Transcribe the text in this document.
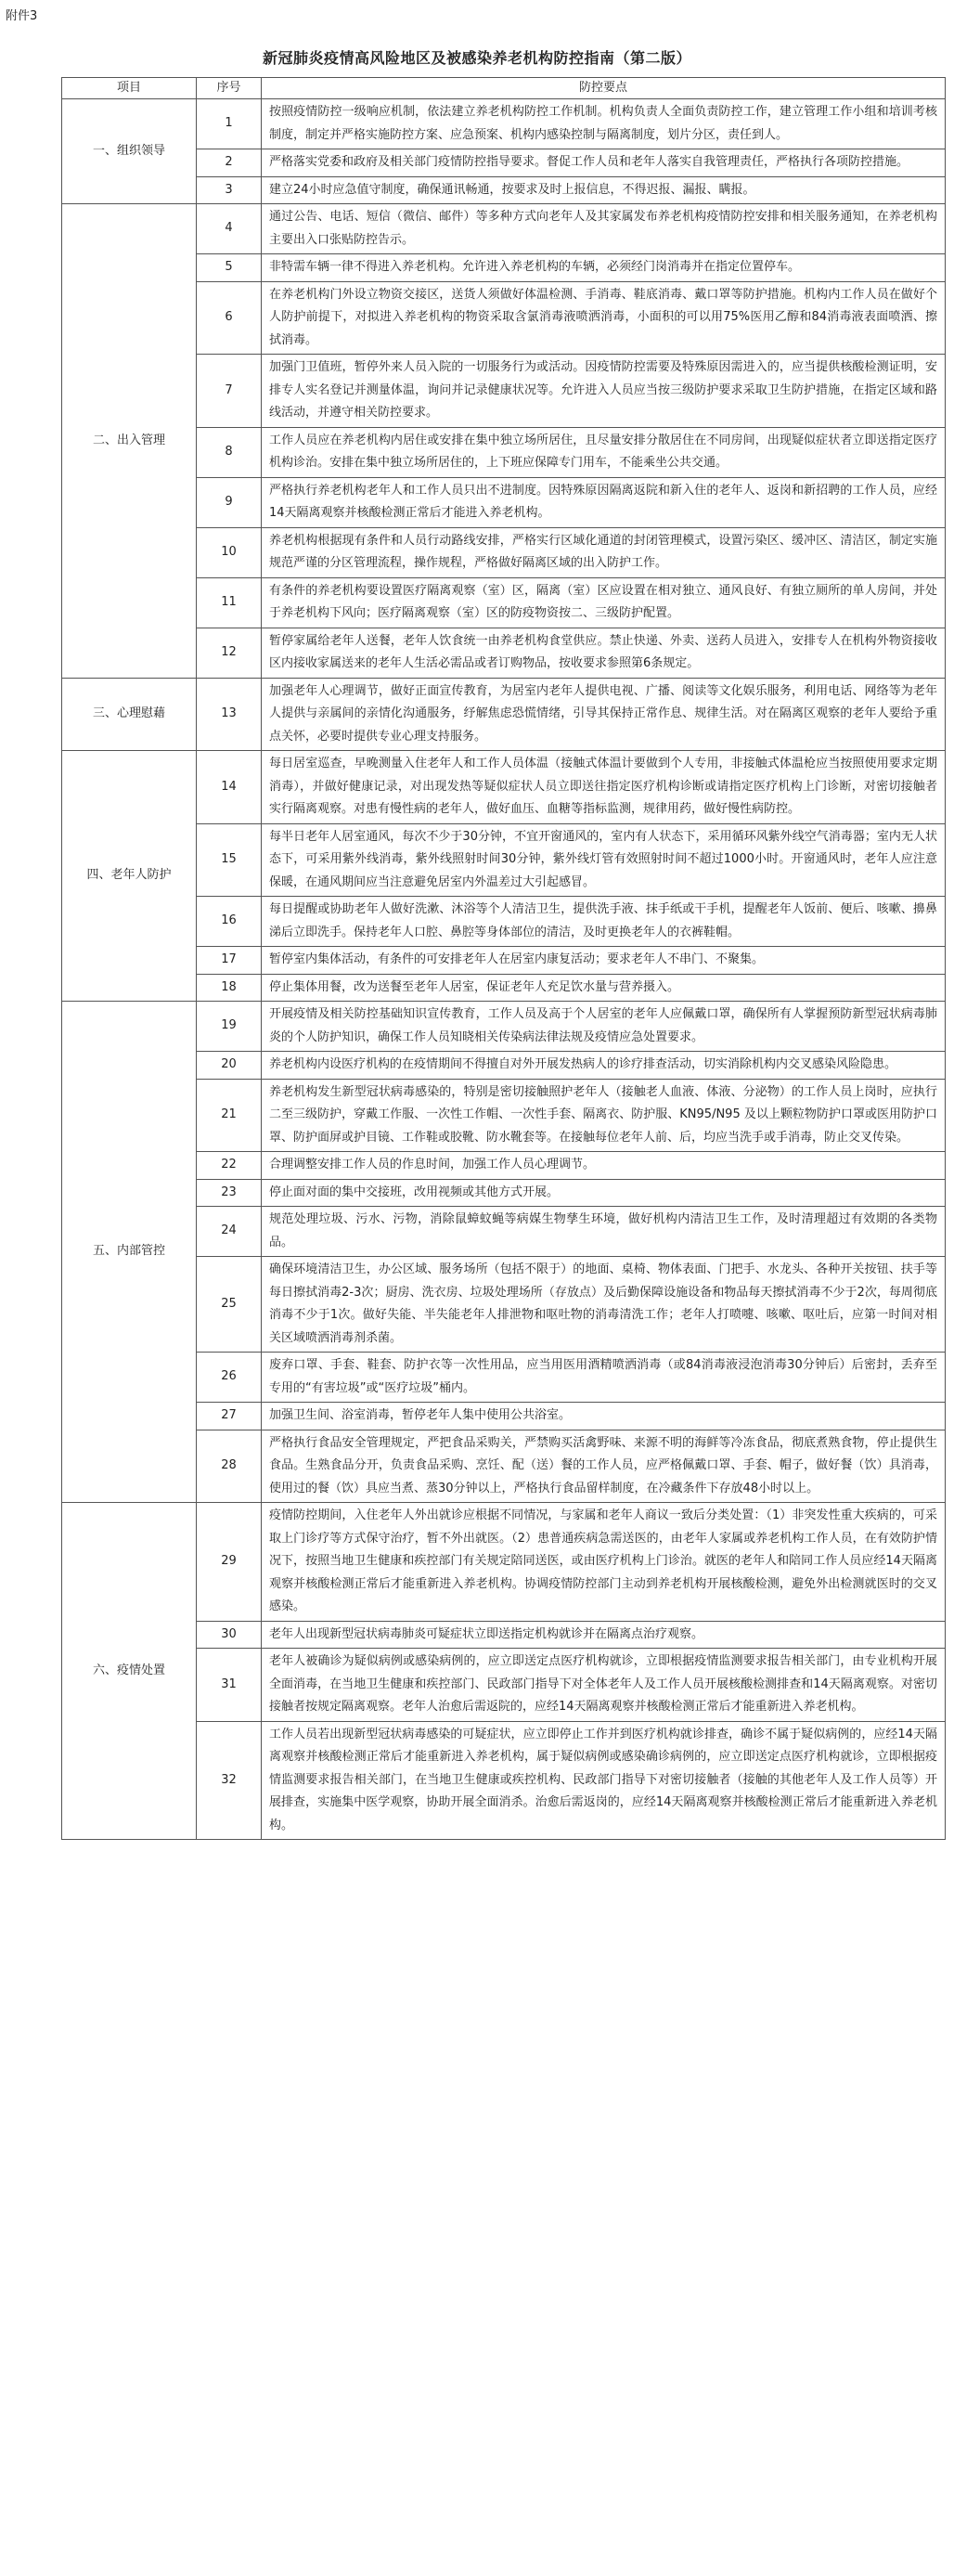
附件3
新冠肺炎疫情高风险地区及被感染养老机构防控指南（第二版）
项目	序号	防控要点
一、组织领导	1	按照疫情防控一级响应机制，依法建立养老机构防控工作机制。机构负责人全面负责防控工作，建立管理工作小组和培训考核制度，制定并严格实施防控方案、应急预案、机构内感染控制与隔离制度，划片分区，责任到人。
	2	严格落实党委和政府及相关部门疫情防控指导要求。督促工作人员和老年人落实自我管理责任，严格执行各项防控措施。
	3	建立24小时应急值守制度，确保通讯畅通，按要求及时上报信息，不得迟报、漏报、瞒报。
二、出入管理	4	通过公告、电话、短信（微信、邮件）等多种方式向老年人及其家属发布养老机构疫情防控安排和相关服务通知，在养老机构主要出入口张贴防控告示。
	5	非特需车辆一律不得进入养老机构。允许进入养老机构的车辆，必须经门岗消毒并在指定位置停车。
	6	在养老机构门外设立物资交接区，送货人须做好体温检测、手消毒、鞋底消毒、戴口罩等防护措施。机构内工作人员在做好个人防护前提下，对拟进入养老机构的物资采取含氯消毒液喷洒消毒，小面积的可以用75%医用乙醇和84消毒液表面喷洒、擦拭消毒。
	7	加强门卫值班，暂停外来人员入院的一切服务行为或活动。因疫情防控需要及特殊原因需进入的，应当提供核酸检测证明，安排专人实名登记并测量体温，询问并记录健康状况等。允许进入人员应当按三级防护要求采取卫生防护措施，在指定区域和路线活动，并遵守相关防控要求。
	8	工作人员应在养老机构内居住或安排在集中独立场所居住，且尽量安排分散居住在不同房间，出现疑似症状者立即送指定医疗机构诊治。安排在集中独立场所居住的，上下班应保障专门用车，不能乘坐公共交通。
	9	严格执行养老机构老年人和工作人员只出不进制度。因特殊原因隔离返院和新入住的老年人、返岗和新招聘的工作人员，应经14天隔离观察并核酸检测正常后才能进入养老机构。
	10	养老机构根据现有条件和人员行动路线安排，严格实行区域化通道的封闭管理模式，设置污染区、缓冲区、清洁区，制定实施规范严谨的分区管理流程，操作规程，严格做好隔离区域的出入防护工作。
	11	有条件的养老机构要设置医疗隔离观察（室）区，隔离（室）区应设置在相对独立、通风良好、有独立厕所的单人房间，并处于养老机构下风向；医疗隔离观察（室）区的防疫物资按二、三级防护配置。
	12	暂停家属给老年人送餐，老年人饮食统一由养老机构食堂供应。禁止快递、外卖、送药人员进入，安排专人在机构外物资接收区内接收家属送来的老年人生活必需品或者订购物品，按收要求参照第6条规定。
三、心理慰藉	13	加强老年人心理调节，做好正面宣传教育，为居室内老年人提供电视、广播、阅读等文化娱乐服务，利用电话、网络等为老年人提供与亲属间的亲情化沟通服务，纾解焦虑恐慌情绪，引导其保持正常作息、规律生活。对在隔离区观察的老年人要给予重点关怀，必要时提供专业心理支持服务。
四、老年人防护	14	每日居室巡查，早晚测量入住老年人和工作人员体温（接触式体温计要做到个人专用，非接触式体温枪应当按照使用要求定期消毒），并做好健康记录，对出现发热等疑似症状人员立即送往指定医疗机构诊断或请指定医疗机构上门诊断，对密切接触者实行隔离观察。对患有慢性病的老年人，做好血压、血糖等指标监测，规律用药，做好慢性病防控。
	15	每半日老年人居室通风，每次不少于30分钟，不宜开窗通风的，室内有人状态下，采用循环风紫外线空气消毒器；室内无人状态下，可采用紫外线消毒，紫外线照射时间30分钟，紫外线灯管有效照射时间不超过1000小时。开窗通风时，老年人应注意保暖，在通风期间应当注意避免居室内外温差过大引起感冒。
	16	每日提醒或协助老年人做好洗漱、沐浴等个人清洁卫生，提供洗手液、抹手纸或干手机，提醒老年人饭前、便后、咳嗽、擤鼻涕后立即洗手。保持老年人口腔、鼻腔等身体部位的清洁，及时更换老年人的衣裤鞋帽。
	17	暂停室内集体活动，有条件的可安排老年人在居室内康复活动；要求老年人不串门、不聚集。
	18	停止集体用餐，改为送餐至老年人居室，保证老年人充足饮水量与营养摄入。
五、内部管控	19	开展疫情及相关防控基础知识宣传教育，工作人员及高于个人居室的老年人应佩戴口罩，确保所有人掌握预防新型冠状病毒肺炎的个人防护知识，确保工作人员知晓相关传染病法律法规及疫情应急处置要求。
	20	养老机构内设医疗机构的在疫情期间不得擅自对外开展发热病人的诊疗排查活动，切实消除机构内交叉感染风险隐患。
	21	养老机构发生新型冠状病毒感染的，特别是密切接触照护老年人（接触老人血液、体液、分泌物）的工作人员上岗时，应执行二至三级防护，穿戴工作服、一次性工作帽、一次性手套、隔离衣、防护服、KN95/N95 及以上颗粒物防护口罩或医用防护口罩、防护面屏或护目镜、工作鞋或胶靴、防水靴套等。在接触每位老年人前、后，均应当洗手或手消毒，防止交叉传染。
	22	合理调整安排工作人员的作息时间，加强工作人员心理调节。
	23	停止面对面的集中交接班，改用视频或其他方式开展。
	24	规范处理垃圾、污水、污物，消除鼠蟑蚊蝇等病媒生物孳生环境，做好机构内清洁卫生工作，及时清理超过有效期的各类物品。
	25	确保环境清洁卫生，办公区域、服务场所（包括不限于）的地面、桌椅、物体表面、门把手、水龙头、各种开关按钮、扶手等每日擦拭消毒2-3次；厨房、洗衣房、垃圾处理场所（存放点）及后勤保障设施设备和物品每天擦拭消毒不少于2次，每周彻底消毒不少于1次。做好失能、半失能老年人排泄物和呕吐物的消毒清洗工作；老年人打喷嚏、咳嗽、呕吐后，应第一时间对相关区域喷洒消毒剂杀菌。
	26	废弃口罩、手套、鞋套、防护衣等一次性用品，应当用医用酒精喷洒消毒（或84消毒液浸泡消毒30分钟后）后密封，丢弃至专用的“有害垃圾”或“医疗垃圾”桶内。
	27	加强卫生间、浴室消毒，暂停老年人集中使用公共浴室。
	28	严格执行食品安全管理规定，严把食品采购关，严禁购买活禽野味、来源不明的海鲜等冷冻食品，彻底煮熟食物，停止提供生食品。生熟食品分开，负责食品采购、烹饪、配（送）餐的工作人员，应严格佩戴口罩、手套、帽子，做好餐（饮）具消毒，使用过的餐（饮）具应当煮、蒸30分钟以上，严格执行食品留样制度，在冷藏条件下存放48小时以上。
六、疫情处置	29	疫情防控期间，入住老年人外出就诊应根据不同情况，与家属和老年人商议一致后分类处置：（1）非突发性重大疾病的，可采取上门诊疗等方式保守治疗，暂不外出就医。（2）患普通疾病急需送医的，由老年人家属或养老机构工作人员，在有效防护情况下，按照当地卫生健康和疾控部门有关规定陪同送医，或由医疗机构上门诊治。就医的老年人和陪同工作人员应经14天隔离观察并核酸检测正常后才能重新进入养老机构。协调疫情防控部门主动到养老机构开展核酸检测，避免外出检测就医时的交叉感染。
	30	老年人出现新型冠状病毒肺炎可疑症状立即送指定机构就诊并在隔离点治疗观察。
	31	老年人被确诊为疑似病例或感染病例的，应立即送定点医疗机构就诊，立即根据疫情监测要求报告相关部门，由专业机构开展全面消毒，在当地卫生健康和疾控部门、民政部门指导下对全体老年人及工作人员开展核酸检测排查和14天隔离观察。对密切接触者按规定隔离观察。老年人治愈后需返院的，应经14天隔离观察并核酸检测正常后才能重新进入养老机构。
	32	工作人员若出现新型冠状病毒感染的可疑症状，应立即停止工作并到医疗机构就诊排查，确诊不属于疑似病例的，应经14天隔离观察并核酸检测正常后才能重新进入养老机构，属于疑似病例或感染确诊病例的，应立即送定点医疗机构就诊，立即根据疫情监测要求报告相关部门，在当地卫生健康或疾控机构、民政部门指导下对密切接触者（接触的其他老年人及工作人员等）开展排查，实施集中医学观察，协助开展全面消杀。治愈后需返岗的，应经14天隔离观察并核酸检测正常后才能重新进入养老机构。
